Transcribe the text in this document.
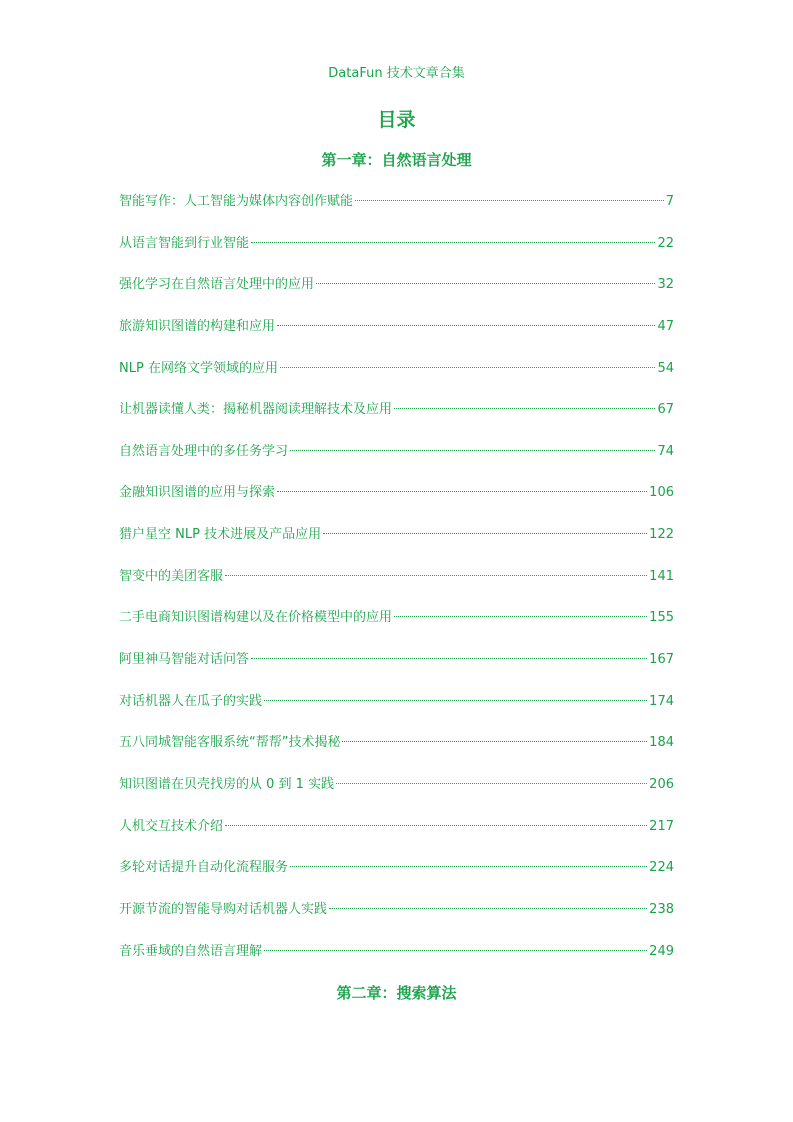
DataFun 技术文章合集
目录
第一章：自然语言处理
智能写作：人工智能为媒体内容创作赋能	7
从语言智能到行业智能	22
强化学习在自然语言处理中的应用	32
旅游知识图谱的构建和应用	47
NLP 在网络文学领域的应用	54
让机器读懂人类：揭秘机器阅读理解技术及应用	67
自然语言处理中的多任务学习	74
金融知识图谱的应用与探索	106
猎户星空 NLP 技术进展及产品应用	122
智变中的美团客服	141
二手电商知识图谱构建以及在价格模型中的应用	155
阿里神马智能对话问答	167
对话机器人在瓜子的实践	174
五八同城智能客服系统“帮帮”技术揭秘	184
知识图谱在贝壳找房的从 0 到 1 实践	206
人机交互技术介绍	217
多轮对话提升自动化流程服务	224
开源节流的智能导购对话机器人实践	238
音乐垂域的自然语言理解	249
第二章：搜索算法
